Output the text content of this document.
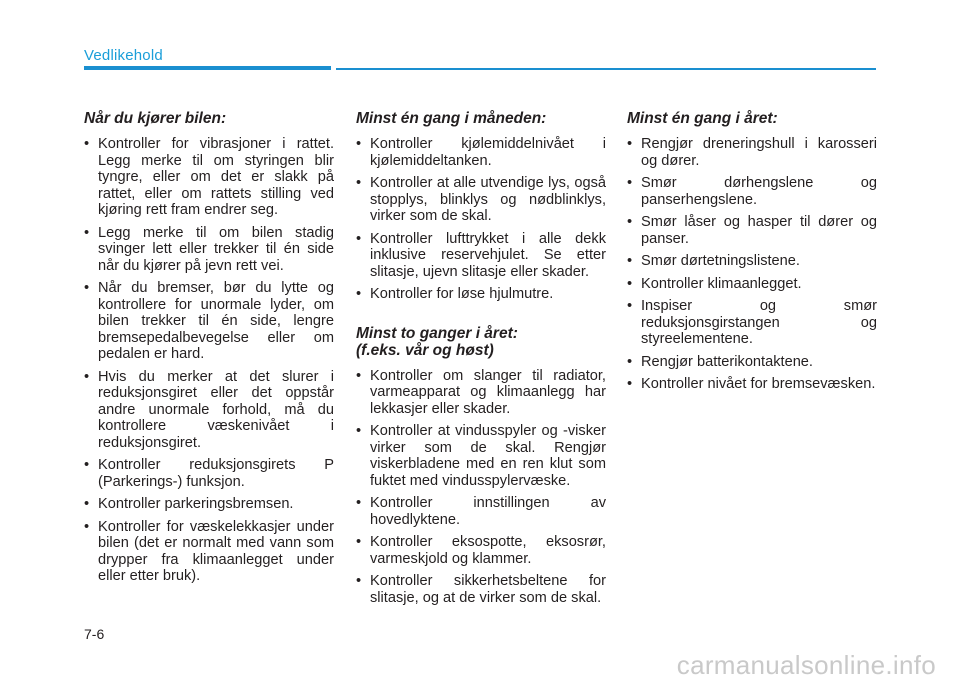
Vedlikehold
Når du kjører bilen:
• Kontroller for vibrasjoner i rattet. Legg merke til om styringen blir tyngre, eller om det er slakk på rattet, eller om rattets stilling ved kjøring rett fram endrer seg.
• Legg merke til om bilen stadig svinger lett eller trekker til én side når du kjører på jevn rett vei.
• Når du bremser, bør du lytte og kontrollere for unormale lyder, om bilen trekker til én side, lengre bremsepedalbevegelse eller om pedalen er hard.
• Hvis du merker at det slurer i reduksjonsgiret eller det oppstår andre unormale forhold, må du kontrollere væskenivået i reduksjonsgiret.
• Kontroller reduksjonsgirets P (Parkerings-) funksjon.
• Kontroller parkeringsbremsen.
• Kontroller for væskelekkasjer under bilen (det er normalt med vann som drypper fra klimaanlegget under eller etter bruk).
Minst én gang i måneden:
• Kontroller kjølemiddelnivået i kjølemiddeltanken.
• Kontroller at alle utvendige lys, også stopplys, blinklys og nødblinklys, virker som de skal.
• Kontroller lufttrykket i alle dekk inklusive reservehjulet. Se etter slitasje, ujevn slitasje eller skader.
• Kontroller for løse hjulmutre.
Minst to ganger i året:
(f.eks. vår og høst)
• Kontroller om slanger til radiator, varmeapparat og klimaanlegg har lekkasjer eller skader.
• Kontroller at vindusspyler og -visker virker som de skal. Rengjør viskerbladene med en ren klut som fuktet med vindusspylervæske.
• Kontroller innstillingen av hovedlyktene.
• Kontroller eksospotte, eksosrør, varmeskjold og klammer.
• Kontroller sikkerhetsbeltene for slitasje, og at de virker som de skal.
Minst én gang i året:
• Rengjør dreneringshull i karosseri og dører.
• Smør dørhengslene og panserhengslene.
• Smør låser og hasper til dører og panser.
• Smør dørtetningslistene.
• Kontroller klimaanlegget.
• Inspiser og smør reduksjonsgirstangen og styreelementene.
• Rengjør batterikontaktene.
• Kontroller nivået for bremsevæsken.
7-6
carmanualsonline.info
